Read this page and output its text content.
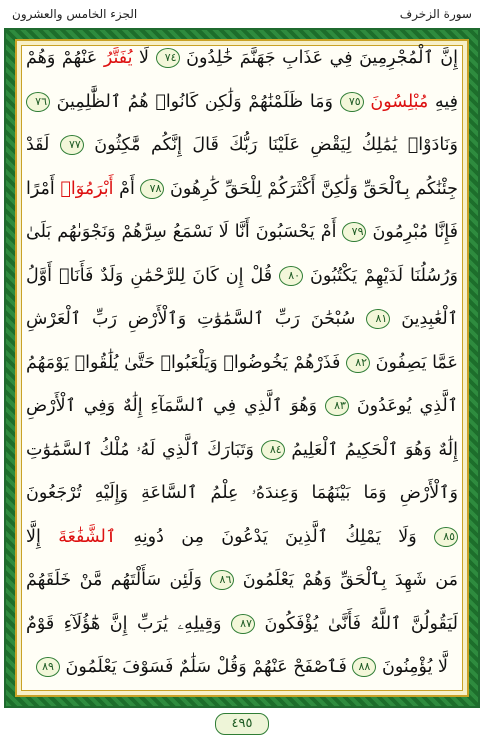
الجزء الخامس والعشرون	سورة الزخرف
إِنَّ ٱلْمُجْرِمِينَ فِي عَذَابِ جَهَنَّمَ خَٰلِدُونَ ٧٤ لَا يُفَتَّرُ عَنْهُمْ وَهُمْ
فِيهِ مُبْلِسُونَ ٧٥ وَمَا ظَلَمْنَٰهُمْ وَلَٰكِن كَانُوا۟ هُمُ ٱلظَّٰلِمِينَ ٧٦
وَنَادَوْا۟ يَٰمَٰلِكُ لِيَقْضِ عَلَيْنَا رَبُّكَ قَالَ إِنَّكُم مَّٰكِثُونَ ٧٧ لَقَدْ
جِئْنَٰكُم بِٱلْحَقِّ وَلَٰكِنَّ أَكْثَرَكُمْ لِلْحَقِّ كَٰرِهُونَ ٧٨ أَمْ أَبْرَمُوٓا۟ أَمْرًا
فَإِنَّا مُبْرِمُونَ ٧٩ أَمْ يَحْسَبُونَ أَنَّا لَا نَسْمَعُ سِرَّهُمْ وَنَجْوَىٰهُم بَلَىٰ
وَرُسُلُنَا لَدَيْهِمْ يَكْتُبُونَ ٨٠ قُلْ إِن كَانَ لِلرَّحْمَٰنِ وَلَدٌ فَأَنَا۠ أَوَّلُ
ٱلْعَٰبِدِينَ ٨١ سُبْحَٰنَ رَبِّ ٱلسَّمَٰوَٰتِ وَٱلْأَرْضِ رَبِّ ٱلْعَرْشِ
عَمَّا يَصِفُونَ ٨٢ فَذَرْهُمْ يَخُوضُوا۟ وَيَلْعَبُوا۟ حَتَّىٰ يُلَٰقُوا۟ يَوْمَهُمُ
ٱلَّذِي يُوعَدُونَ ٨٣ وَهُوَ ٱلَّذِي فِي ٱلسَّمَآءِ إِلَٰهٌ وَفِي ٱلْأَرْضِ
إِلَٰهٌ وَهُوَ ٱلْحَكِيمُ ٱلْعَلِيمُ ٨٤ وَتَبَارَكَ ٱلَّذِي لَهُۥ مُلْكُ ٱلسَّمَٰوَٰتِ
وَٱلْأَرْضِ وَمَا بَيْنَهُمَا وَعِندَهُۥ عِلْمُ ٱلسَّاعَةِ وَإِلَيْهِ تُرْجَعُونَ
٨٥ وَلَا يَمْلِكُ ٱلَّذِينَ يَدْعُونَ مِن دُونِهِ ٱلشَّفَٰعَةَ إِلَّا
مَن شَهِدَ بِٱلْحَقِّ وَهُمْ يَعْلَمُونَ ٨٦ وَلَئِن سَأَلْتَهُم مَّنْ خَلَقَهُمْ
لَيَقُولُنَّ ٱللَّهُ فَأَنَّىٰ يُؤْفَكُونَ ٨٧ وَقِيلِهِۦ يَٰرَبِّ إِنَّ هَٰٓؤُلَآءِ قَوْمٌ
لَّا يُؤْمِنُونَ ٨٨ فَٱصْفَحْ عَنْهُمْ وَقُلْ سَلَٰمٌ فَسَوْفَ يَعْلَمُونَ ٨٩
٤٩٥
